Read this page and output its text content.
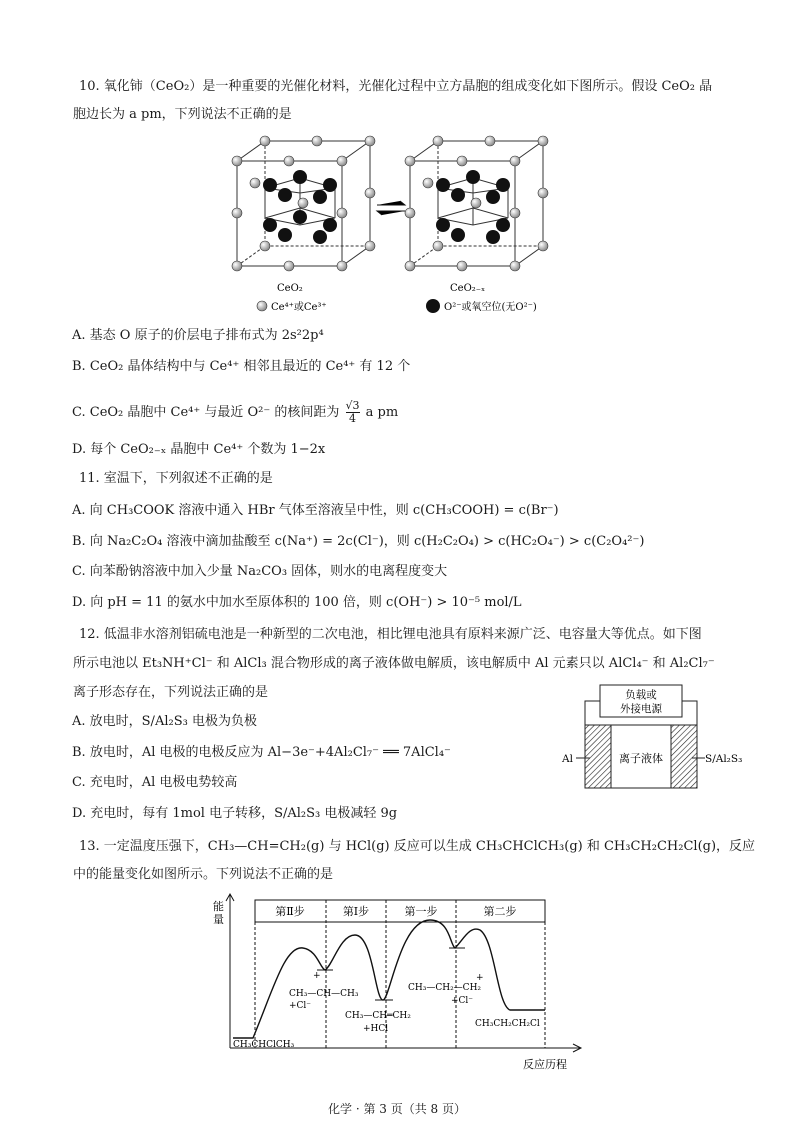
10. 氧化铈（CeO₂）是一种重要的光催化材料，光催化过程中立方晶胞的组成变化如下图所示。假设 CeO₂ 晶
胞边长为 a pm，下列说法不正确的是
CeO₂	CeO₂₋ₓ
Ce⁴⁺或Ce³⁺	O²⁻或氧空位(无O²⁻)
A. 基态 O 原子的价层电子排布式为 2s²2p⁴
B. CeO₂ 晶体结构中与 Ce⁴⁺ 相邻且最近的 Ce⁴⁺ 有 12 个
C. CeO₂ 晶胞中 Ce⁴⁺ 与最近 O²⁻ 的核间距为 $\frac{√3}{4}$ a pm
D. 每个 CeO₂₋ₓ 晶胞中 Ce⁴⁺ 个数为 1−2x
11. 室温下，下列叙述不正确的是
A. 向 CH₃COOK 溶液中通入 HBr 气体至溶液呈中性，则 c(CH₃COOH) = c(Br⁻)
B. 向 Na₂C₂O₄ 溶液中滴加盐酸至 c(Na⁺) = 2c(Cl⁻)，则 c(H₂C₂O₄) > c(HC₂O₄⁻) > c(C₂O₄²⁻)
C. 向苯酚钠溶液中加入少量 Na₂CO₃ 固体，则水的电离程度变大
D. 向 pH = 11 的氨水中加水至原体积的 100 倍，则 c(OH⁻) > 10⁻⁵ mol/L
12. 低温非水溶剂铝硫电池是一种新型的二次电池，相比锂电池具有原料来源广泛、电容量大等优点。如下图
所示电池以 Et₃NH⁺Cl⁻ 和 AlCl₃ 混合物形成的离子液体做电解质，该电解质中 Al 元素只以 AlCl₄⁻ 和 Al₂Cl₇⁻
离子形态存在，下列说法正确的是
A. 放电时，S/Al₂S₃ 电极为负极
B. 放电时，Al 电极的电极反应为 Al−3e⁻+4Al₂Cl₇⁻ ══ 7AlCl₄⁻
C. 充电时，Al 电极电势较高
D. 充电时，每有 1mol 电子转移，S/Al₂S₃ 电极减轻 9g
负载或
外接电源
离子液体
Al	S/Al₂S₃
13. 一定温度压强下，CH₃—CH=CH₂(g) 与 HCl(g) 反应可以生成 CH₃CHClCH₃(g) 和 CH₃CH₂CH₂Cl(g)，反应
中的能量变化如图所示。下列说法不正确的是
能
量
反应历程
第Ⅱ步	第Ⅰ步	第一步	第二步
CH₃CHClCH₃
CH₃—CH—CH₃
+
+Cl⁻
CH₃—CH═CH₂
+HCl
CH₃—CH₂—CH₂
+
+Cl⁻
CH₃CH₂CH₂Cl
化学 · 第 3 页（共 8 页）
